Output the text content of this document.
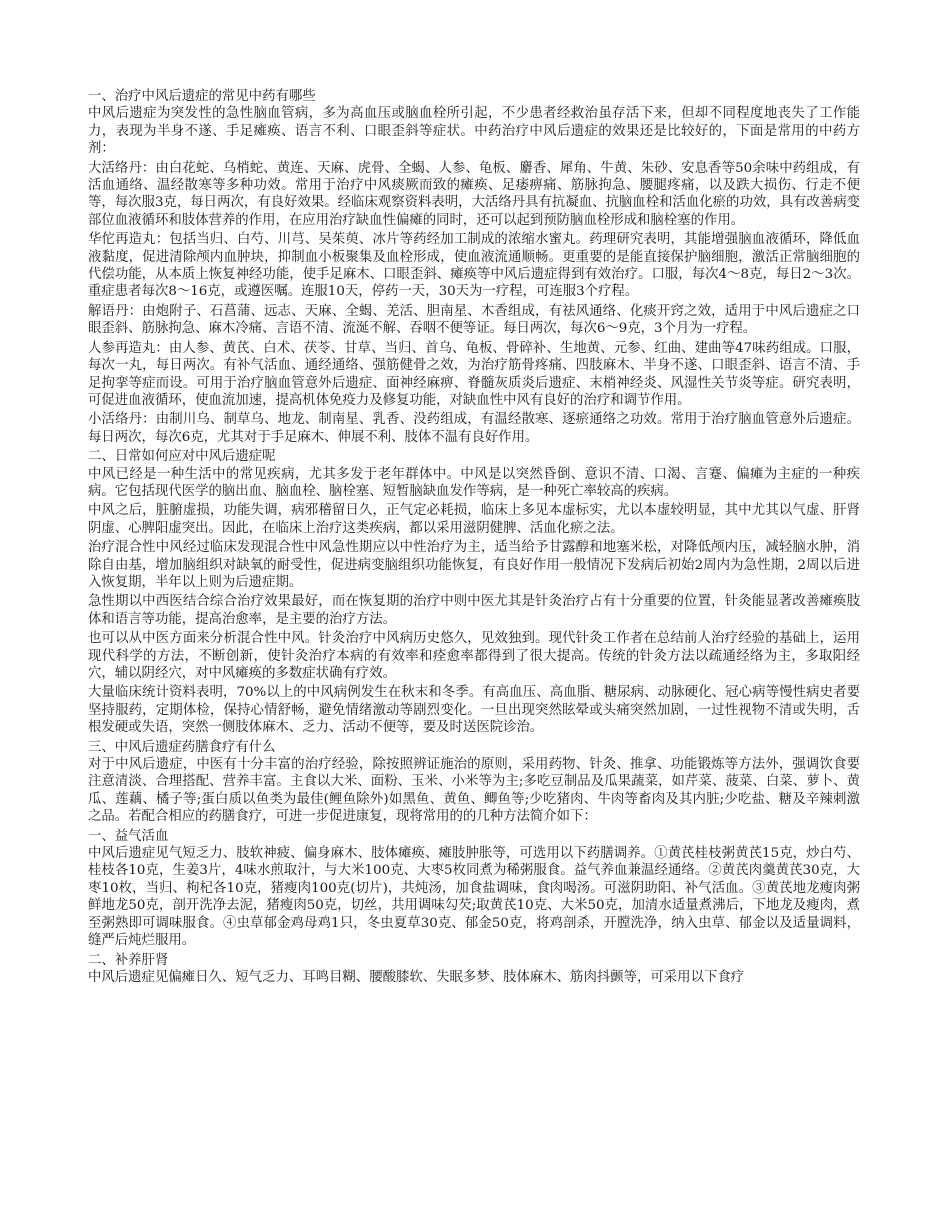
一、治疗中风后遗症的常见中药有哪些

中风后遗症为突发性的急性脑血管病，多为高血压或脑血栓所引起，不少患者经救治虽存活下来，但却不同程度地丧失了工作能力，表现为半身不遂、手足瘫痪、语言不利、口眼歪斜等症状。中药治疗中风后遗症的效果还是比较好的，下面是常用的中药方剂：

大活络丹：由白花蛇、乌梢蛇、黄连、天麻、虎骨、全蝎、人参、龟板、麝香、犀角、牛黄、朱砂、安息香等50余味中药组成，有活血通络、温经散寒等多种功效。常用于治疗中风痰厥而致的瘫痪、足痿痹痛、筋脉拘急、腰腿疼痛，以及跌大损伤、行走不便等，每次服3克，每日两次，有良好效果。经临床观察资料表明，大活络丹具有抗凝血、抗脑血栓和活血化瘀的功效，具有改善病变部位血液循环和肢体营养的作用，在应用治疗缺血性偏瘫的同时，还可以起到预防脑血栓形成和脑栓塞的作用。

华佗再造丸：包括当归、白芍、川芎、吴茱萸、冰片等药经加工制成的浓缩水蜜丸。药理研究表明，其能增强脑血液循环，降低血液黏度，促进清除颅内血肿块，抑制血小板聚集及血栓形成，使血液流通顺畅。更重要的是能直接保护脑细胞，激活正常脑细胞的代偿功能，从本质上恢复神经功能，使手足麻木、口眼歪斜、瘫痪等中风后遗症得到有效治疗。口服，每次4～8克，每日2～3次。重症患者每次8～16克，或遵医嘱。连服10天，停药一天，30天为一疗程，可连服3个疗程。

解语丹：由炮附子、石菖蒲、远志、天麻、全蝎、羌活、胆南星、木香组成，有祛风通络、化痰开窍之效，适用于中风后遗症之口眼歪斜、筋脉拘急、麻木冷痛、言语不清、流涎不解、吞咽不便等证。每日两次，每次6～9克，3个月为一疗程。

人参再造丸：由人参、黄芪、白术、茯苓、甘草、当归、首乌、龟板、骨碎补、生地黄、元参、红曲、建曲等47味药组成。口服，每次一丸，每日两次。有补气活血、通经通络、强筋健骨之效，为治疗筋骨疼痛、四肢麻木、半身不遂、口眼歪斜、语言不清、手足拘挛等症而设。可用于治疗脑血管意外后遗症、面神经麻痹、脊髓灰质炎后遗症、末梢神经炎、风湿性关节炎等症。研究表明，可促进血液循环，使血流加速，提高机体免疫力及修复功能，对缺血性中风有良好的治疗和调节作用。

小活络丹：由制川乌、制草乌、地龙、制南星、乳香、没药组成，有温经散寒、逐瘀通络之功效。常用于治疗脑血管意外后遗症。每日两次，每次6克，尤其对于手足麻木、伸展不利、肢体不温有良好作用。

二、日常如何应对中风后遗症呢

中风已经是一种生活中的常见疾病，尤其多发于老年群体中。中风是以突然昏倒、意识不清、口渴、言蹇、偏瘫为主症的一种疾病。它包括现代医学的脑出血、脑血栓、脑栓塞、短暂脑缺血发作等病，是一种死亡率较高的疾病。

中风之后，脏腑虚损，功能失调，病邪稽留日久，正气定必耗损，临床上多见本虚标实，尤以本虚较明显，其中尤其以气虚、肝肾阴虚、心脾阳虚突出。因此，在临床上治疗这类疾病，都以采用滋阴健脾、活血化瘀之法。

治疗混合性中风经过临床发现混合性中风急性期应以中性治疗为主，适当给予甘露醇和地塞米松，对降低颅内压，减轻脑水肿，消除自由基，增加脑组织对缺氧的耐受性，促进病变脑组织功能恢复，有良好作用一般情况下发病后初始2周内为急性期，2周以后进入恢复期，半年以上则为后遗症期。

急性期以中西医结合综合治疗效果最好，而在恢复期的治疗中则中医尤其是针灸治疗占有十分重要的位置，针灸能显著改善瘫痪肢体和语言等功能，提高治愈率，是主要的治疗方法。

也可以从中医方面来分析混合性中风。针灸治疗中风病历史悠久，见效独到。现代针灸工作者在总结前人治疗经验的基础上，运用现代科学的方法，不断创新，使针灸治疗本病的有效率和痊愈率都得到了很大提高。传统的针灸方法以疏通经络为主，多取阳经穴，辅以阴经穴，对中风瘫痪的多数症状确有疗效。

大量临床统计资料表明，70%以上的中风病例发生在秋末和冬季。有高血压、高血脂、糖尿病、动脉硬化、冠心病等慢性病史者要坚持服药，定期体检，保持心情舒畅，避免情绪激动等剧烈变化。一旦出现突然眩晕或头痛突然加剧，一过性视物不清或失明，舌根发硬或失语，突然一侧肢体麻木、乏力、活动不便等，要及时送医院诊治。

三、中风后遗症药膳食疗有什么

对于中风后遗症，中医有十分丰富的治疗经验，除按照辨证施治的原则，采用药物、针灸、推拿、功能锻炼等方法外，强调饮食要注意清淡、合理搭配、营养丰富。主食以大米、面粉、玉米、小米等为主;多吃豆制品及瓜果蔬菜，如芹菜、菠菜、白菜、萝卜、黄瓜、莲藕、橘子等;蛋白质以鱼类为最佳(鲤鱼除外)如黑鱼、黄鱼、鲫鱼等;少吃猪肉、牛肉等畜肉及其内脏;少吃盐、糖及辛辣刺激之品。若配合相应的药膳食疗，可进一步促进康复，现将常用的的几种方法简介如下：

一、益气活血

中风后遗症见气短乏力、肢软神疲、偏身麻木、肢体瘫痪、瘫肢肿胀等，可选用以下药膳调养。①黄芪桂枝粥黄芪15克，炒白芍、桂枝各10克，生姜3片，4味水煎取汁，与大米100克、大枣5枚同煮为稀粥服食。益气养血兼温经通络。②黄芪肉羹黄芪30克，大枣10枚，当归、枸杞各10克，猪瘦肉100克(切片)，共炖汤，加食盐调味，食肉喝汤。可滋阴助阳、补气活血。③黄芪地龙瘦肉粥鲜地龙50克，剖开洗净去泥，猪瘦肉50克，切丝，共用调味勾芡;取黄芪10克、大米50克，加清水适量煮沸后，下地龙及瘦肉，煮至粥熟即可调味服食。④虫草郁金鸡母鸡1只，冬虫夏草30克、郁金50克，将鸡剖杀，开膛洗净，纳入虫草、郁金以及适量调料，缝严后炖烂服用。

二、补养肝肾

中风后遗症见偏瘫日久、短气乏力、耳鸣目糊、腰酸膝软、失眠多梦、肢体麻木、筋肉抖颤等，可采用以下食疗
